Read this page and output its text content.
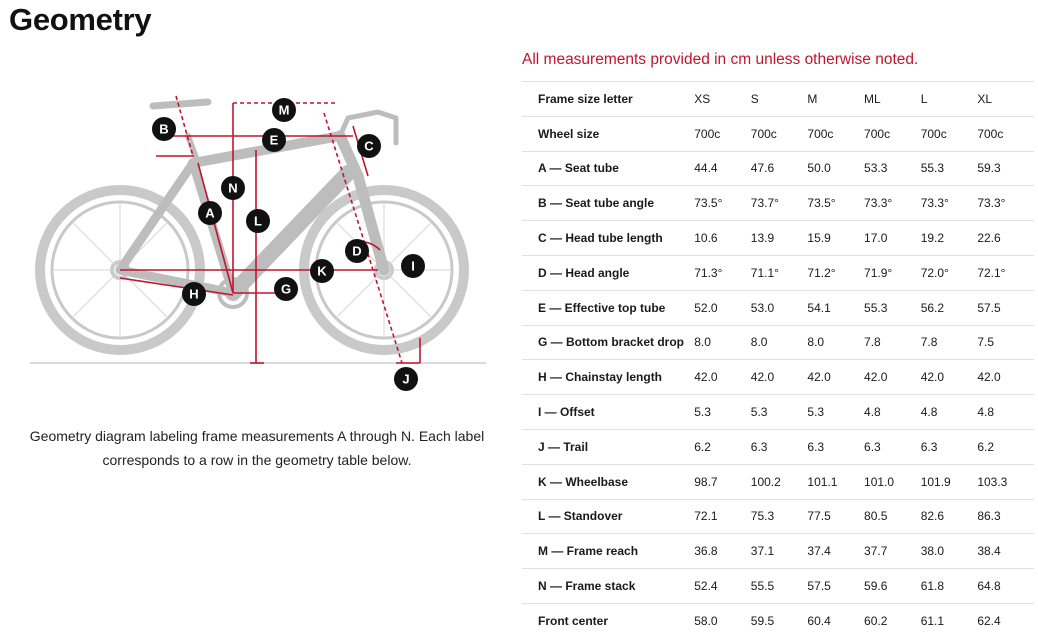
Geometry
B
M
E	C
N
A
L
D
I
K
G
H
J
Geometry diagram labeling frame measurements A through N. Each label corresponds to a row in the geometry table below.
All measurements provided in cm unless otherwise noted.
Frame size letter	XS	S	M	ML	L	XL
Wheel size	700c	700c	700c	700c	700c	700c
A — Seat tube	44.4	47.6	50.0	53.3	55.3	59.3
B — Seat tube angle	73.5°	73.7°	73.5°	73.3°	73.3°	73.3°
C — Head tube length	10.6	13.9	15.9	17.0	19.2	22.6
D — Head angle	71.3°	71.1°	71.2°	71.9°	72.0°	72.1°
E — Effective top tube	52.0	53.0	54.1	55.3	56.2	57.5
G — Bottom bracket drop	8.0	8.0	8.0	7.8	7.8	7.5
H — Chainstay length	42.0	42.0	42.0	42.0	42.0	42.0
I — Offset	5.3	5.3	5.3	4.8	4.8	4.8
J — Trail	6.2	6.3	6.3	6.3	6.3	6.2
K — Wheelbase	98.7	100.2	101.1	101.0	101.9	103.3
L — Standover	72.1	75.3	77.5	80.5	82.6	86.3
M — Frame reach	36.8	37.1	37.4	37.7	38.0	38.4
N — Frame stack	52.4	55.5	57.5	59.6	61.8	64.8
Front center	58.0	59.5	60.4	60.2	61.1	62.4
